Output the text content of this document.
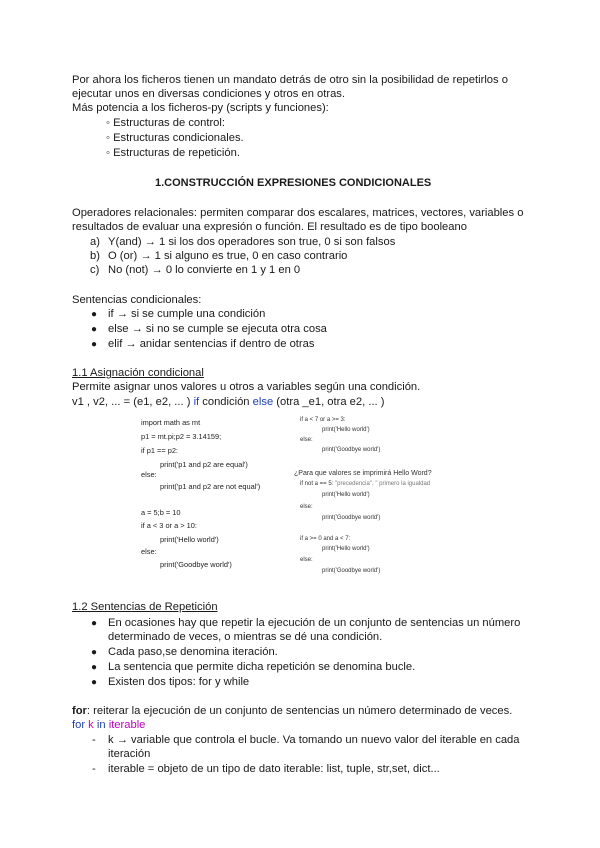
Por ahora los ficheros tienen un mandato detrás de otro sin la posibilidad de repetirlos o
ejecutar unos en diversas condiciones y otros en otras.
Más potencia a los ficheros-py (scripts y funciones):
◦ Estructuras de control:
◦ Estructuras condicionales.
◦ Estructuras de repetición.
1.CONSTRUCCIÓN EXPRESIONES CONDICIONALES
Operadores relacionales: permiten comparar dos escalares, matrices, vectores, variables o
resultados de evaluar una expresión o función. El resultado es de tipo booleano
a) Y(and) → 1 si los dos operadores son true, 0 si son falsos
b) O (or) → 1 si alguno es true, 0 en caso contrario
c) No (not) → 0 lo convierte en 1 y 1 en 0
Sentencias condicionales:
● if → si se cumple una condición
● else → si no se cumple se ejecuta otra cosa
● elif → anidar sentencias if dentro de otras
1.1 Asignación condicional
Permite asignar unos valores u otros a variables según una condición.
v1 , v2, ... = (e1, e2, ... ) if condición else (otra _e1, otra e2, ... )
import math as mt
p1 = mt.pi;p2 = 3.14159;
if p1 == p2:
print('p1 and p2 are equal')
else:
print('p1 and p2 are not equal')
a = 5;b = 10
if a < 3 or a > 10:
print('Hello world')
else:
print('Goodbye world')
if a < 7 or a >= 3:
print('Hello world')
else:
print('Goodbye world')
¿Para que valores se imprimirá Hello Word?
if not a == 5: "precedencia", " primero la igualdad
print('Hello world')
else:
print('Goodbye world')
if a >= 0 and a < 7:
print('Hello world')
else:
print('Goodbye world')
1.2 Sentencias de Repetición
● En ocasiones hay que repetir la ejecución de un conjunto de sentencias un número
determinado de veces, o mientras se dé una condición.
● Cada paso,se denomina iteración.
● La sentencia que permite dicha repetición se denomina bucle.
● Existen dos tipos: for y while
for: reiterar la ejecución de un conjunto de sentencias un número determinado de veces.
for k in iterable
- k → variable que controla el bucle. Va tomando un nuevo valor del iterable en cada
iteración
- iterable = objeto de un tipo de dato iterable: list, tuple, str,set, dict...
